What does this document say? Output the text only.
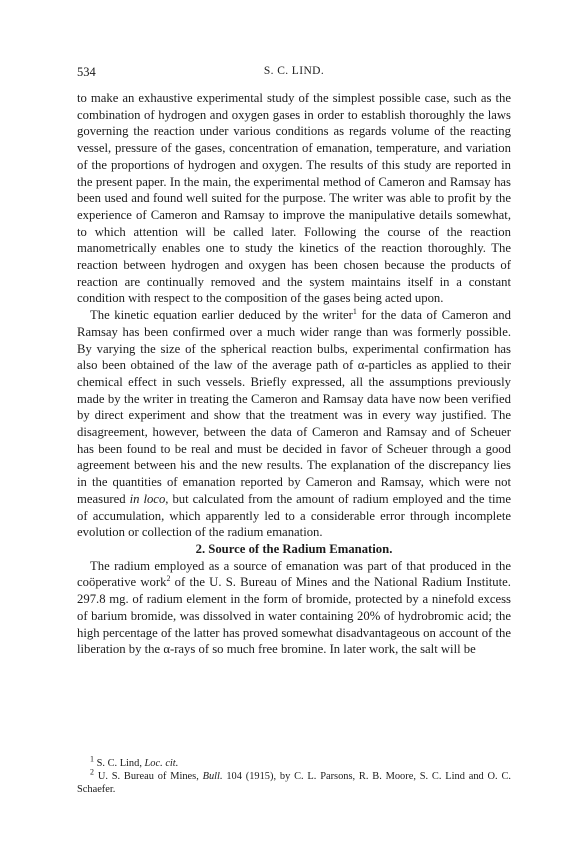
534	S. C. LIND.

to make an exhaustive experimental study of the simplest possible case, such as the combination of hydrogen and oxygen gases in order to establish thoroughly the laws governing the reaction under various conditions as regards volume of the reacting vessel, pressure of the gases, concentration of emanation, temperature, and variation of the proportions of hydrogen and oxygen. The results of this study are reported in the present paper. In the main, the experimental method of Cameron and Ramsay has been used and found well suited for the purpose. The writer was able to profit by the experience of Cameron and Ramsay to improve the manipulative details somewhat, to which attention will be called later. Following the course of the reaction manometrically enables one to study the kinetics of the reaction thoroughly. The reaction between hydrogen and oxygen has been chosen because the products of reaction are continually removed and the system maintains itself in a constant condition with respect to the composition of the gases being acted upon.

The kinetic equation earlier deduced by the writer$^1$ for the data of Cameron and Ramsay has been confirmed over a much wider range than was formerly possible. By varying the size of the spherical reaction bulbs, experimental confirmation has also been obtained of the law of the average path of α-particles as applied to their chemical effect in such vessels. Briefly expressed, all the assumptions previously made by the writer in treating the Cameron and Ramsay data have now been verified by direct experiment and show that the treatment was in every way justified. The disagreement, however, between the data of Cameron and Ramsay and of Scheuer has been found to be real and must be decided in favor of Scheuer through a good agreement between his and the new results. The explanation of the discrepancy lies in the quantities of emanation reported by Cameron and Ramsay, which were not measured in loco, but calculated from the amount of radium employed and the time of accumulation, which apparently led to a considerable error through incomplete evolution or collection of the radium emanation.

2. Source of the Radium Emanation.

The radium employed as a source of emanation was part of that produced in the coöperative work$^2$ of the U. S. Bureau of Mines and the National Radium Institute. 297.8 mg. of radium element in the form of bromide, protected by a ninefold excess of barium bromide, was dissolved in water containing 20% of hydrobromic acid; the high percentage of the latter has proved somewhat disadvantageous on account of the liberation by the α-rays of so much free bromine. In later work, the salt will be

$^1$ S. C. Lind, Loc. cit.

$^2$ U. S. Bureau of Mines, Bull. 104 (1915), by C. L. Parsons, R. B. Moore, S. C. Lind and O. C. Schaefer.
